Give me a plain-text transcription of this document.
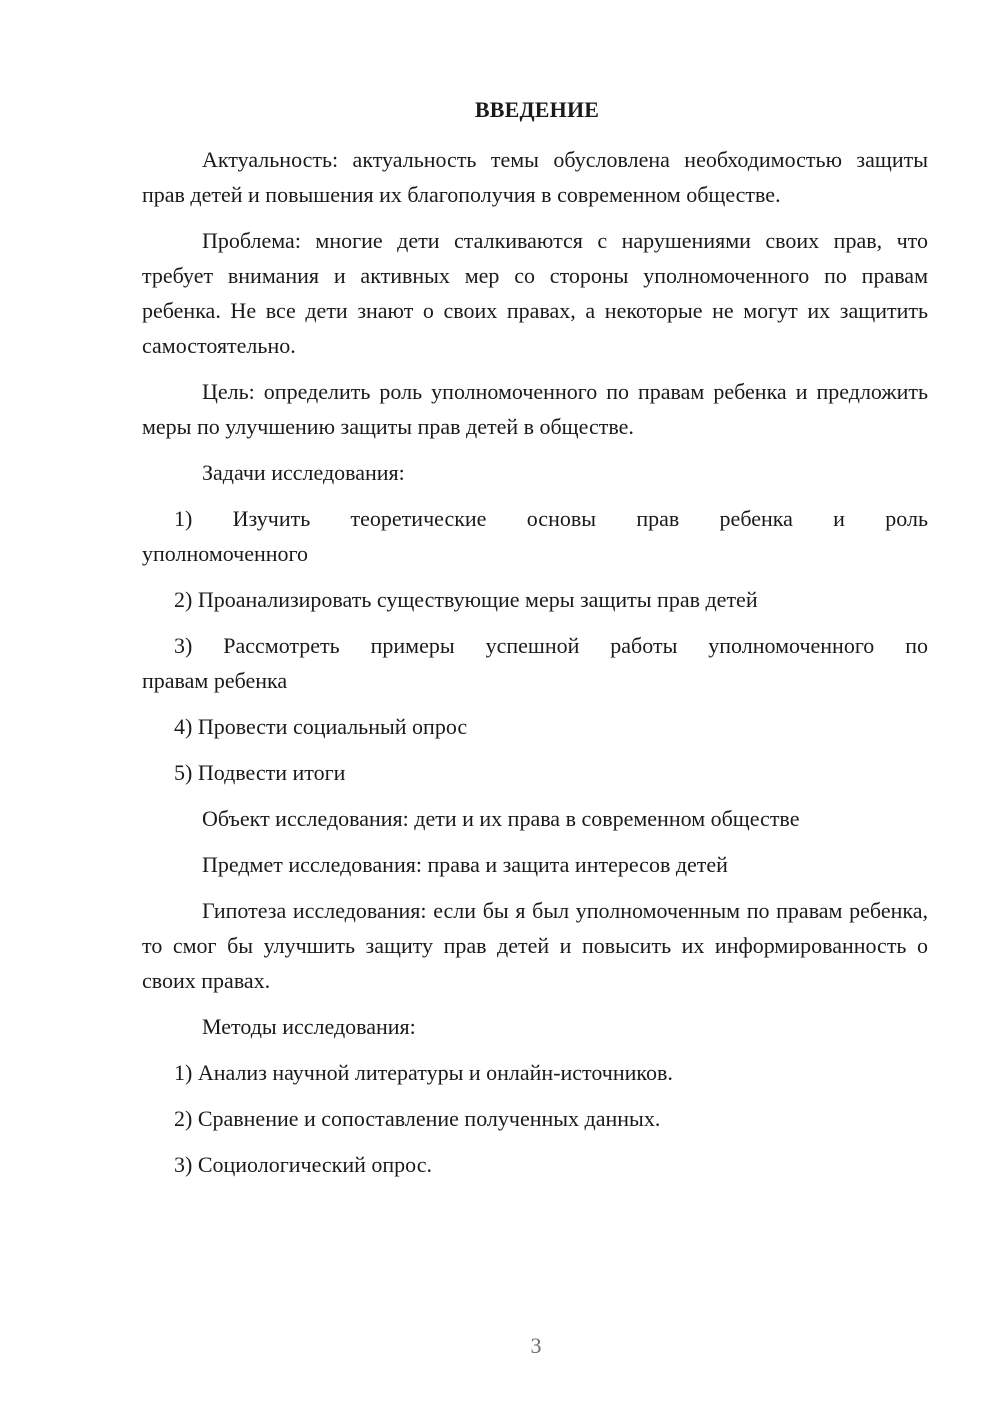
ВВЕДЕНИЕ

Актуальность: актуальность темы обусловлена необходимостью защиты прав детей и повышения их благополучия в современном обществе.

Проблема: многие дети сталкиваются с нарушениями своих прав, что требует внимания и активных мер со стороны уполномоченного по правам ребенка. Не все дети знают о своих правах, а некоторые не могут их защитить самостоятельно.

Цель: определить роль уполномоченного по правам ребенка и предложить меры по улучшению защиты прав детей в обществе.

Задачи исследования:

1) Изучить теоретические основы прав ребенка и роль
уполномоченного
2) Проанализировать существующие меры защиты прав детей
3) Рассмотреть примеры успешной работы уполномоченного по
правам ребенка
4) Провести социальный опрос
5) Подвести итоги

Объект исследования: дети и их права в современном обществе

Предмет исследования: права и защита интересов детей

Гипотеза исследования: если бы я был уполномоченным по правам ребенка, то смог бы улучшить защиту прав детей и повысить их информированность о своих правах.

Методы исследования:

1) Анализ научной литературы и онлайн-источников.
2) Сравнение и сопоставление полученных данных.
3) Социологический опрос.
3
